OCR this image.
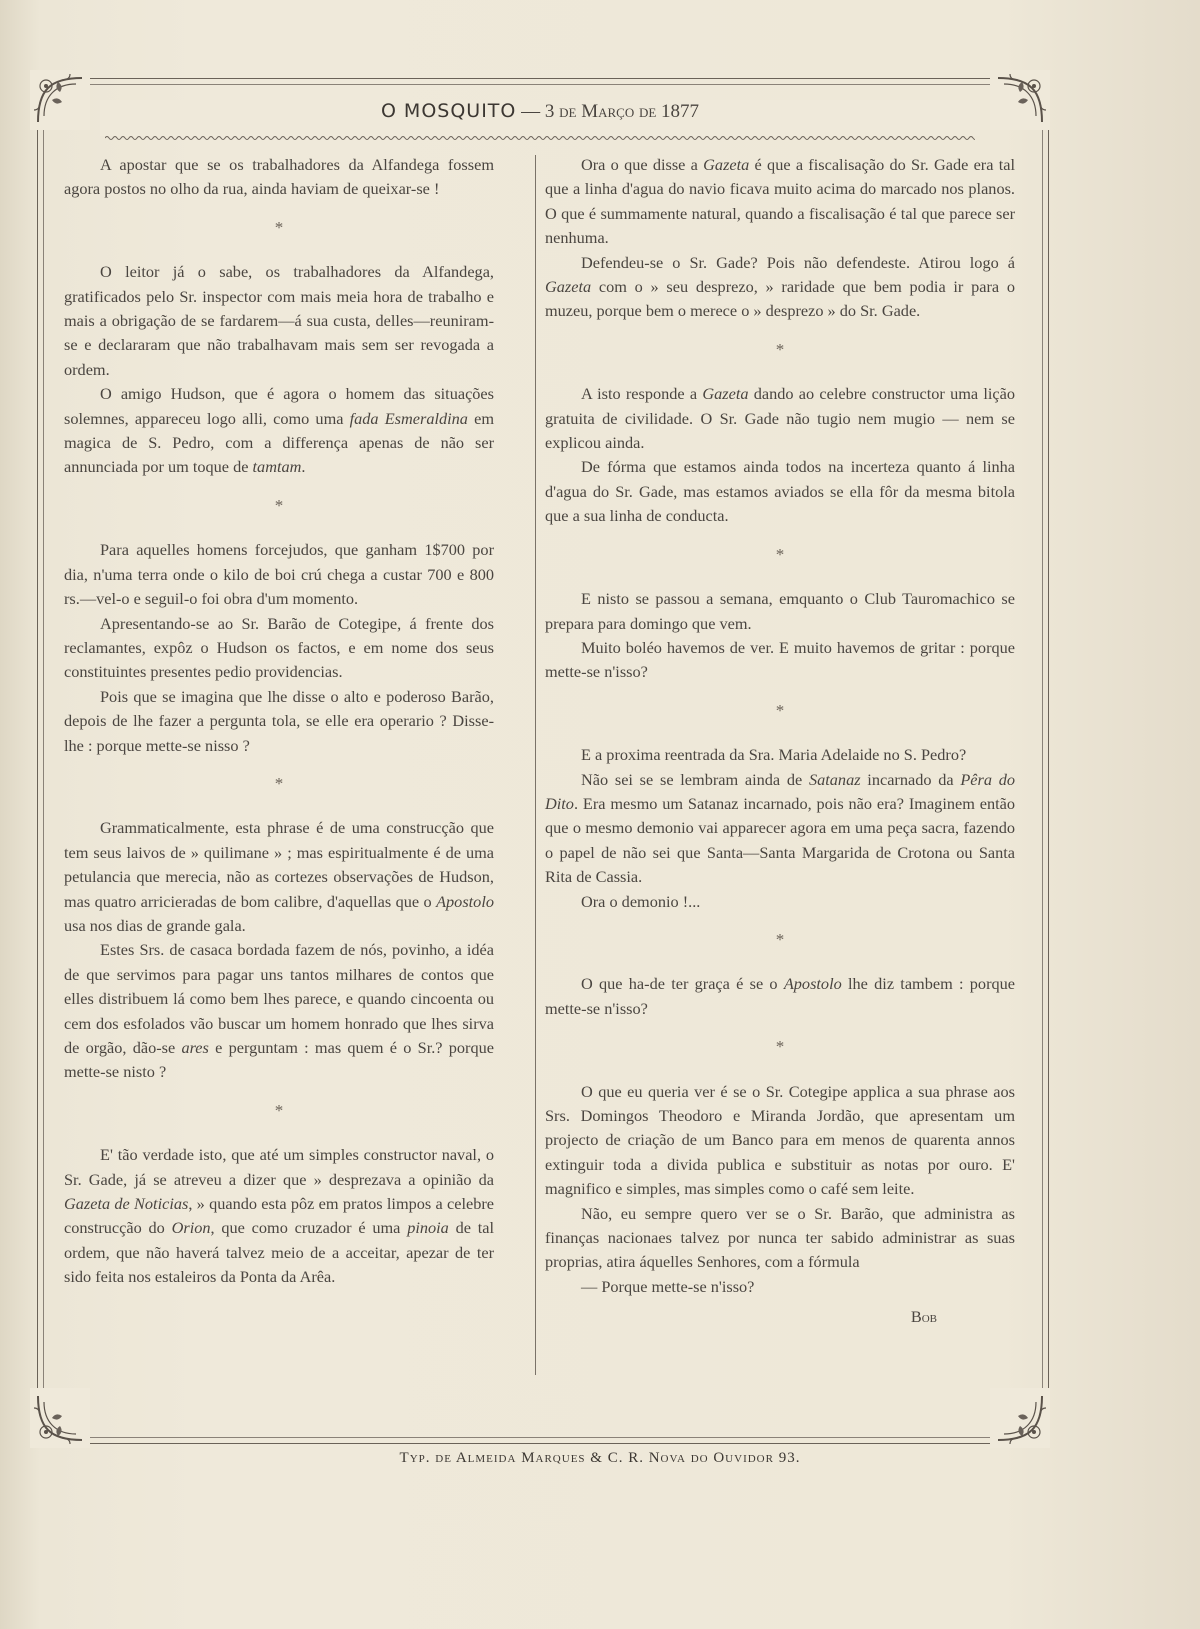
O MOSQUITO — 3 de Março de 1877

A apostar que se os trabalhadores da Alfandega fossem agora postos no olho da rua, ainda haviam de queixar-se !

*

O leitor já o sabe, os trabalhadores da Alfandega, gratificados pelo Sr. inspector com mais meia hora de trabalho e mais a obrigação de se fardarem—á sua custa, delles—reuniram-se e declararam que não trabalhavam mais sem ser revogada a ordem.

O amigo Hudson, que é agora o homem das situações solemnes, appareceu logo alli, como uma fada Esmeraldina em magica de S. Pedro, com a differença apenas de não ser annunciada por um toque de tamtam.

*

Para aquelles homens forcejudos, que ganham 1$700 por dia, n'uma terra onde o kilo de boi crú chega a custar 700 e 800 rs.—vel-o e seguil-o foi obra d'um momento.

Apresentando-se ao Sr. Barão de Cotegipe, á frente dos reclamantes, expôz o Hudson os factos, e em nome dos seus constituintes presentes pedio providencias.

Pois que se imagina que lhe disse o alto e poderoso Barão, depois de lhe fazer a pergunta tola, se elle era operario ? Disse-lhe : porque mette-se nisso ?

*

Grammaticalmente, esta phrase é de uma construcção que tem seus laivos de » quilimane » ; mas espiritualmente é de uma petulancia que merecia, não as cortezes observações de Hudson, mas quatro arricieradas de bom calibre, d'aquellas que o Apostolo usa nos dias de grande gala.

Estes Srs. de casaca bordada fazem de nós, povinho, a idéa de que servimos para pagar uns tantos milhares de contos que elles distribuem lá como bem lhes parece, e quando cincoenta ou cem dos esfolados vão buscar um homem honrado que lhes sirva de orgão, dão-se ares e perguntam : mas quem é o Sr.? porque mette-se nisto ?

*

E' tão verdade isto, que até um simples constructor naval, o Sr. Gade, já se atreveu a dizer que » desprezava a opinião da Gazeta de Noticias, » quando esta pôz em pratos limpos a celebre construcção do Orion, que como cruzador é uma pinoia de tal ordem, que não haverá talvez meio de a acceitar, apezar de ter sido feita nos estaleiros da Ponta da Arêa.

Ora o que disse a Gazeta é que a fiscalisação do Sr. Gade era tal que a linha d'agua do navio ficava muito acima do marcado nos planos. O que é summamente natural, quando a fiscalisação é tal que parece ser nenhuma.

Defendeu-se o Sr. Gade? Pois não defendeste. Atirou logo á Gazeta com o » seu desprezo, » raridade que bem podia ir para o muzeu, porque bem o merece o » desprezo » do Sr. Gade.

*

A isto responde a Gazeta dando ao celebre constructor uma lição gratuita de civilidade. O Sr. Gade não tugio nem mugio — nem se explicou ainda.

De fórma que estamos ainda todos na incerteza quanto á linha d'agua do Sr. Gade, mas estamos aviados se ella fôr da mesma bitola que a sua linha de conducta.

*

E nisto se passou a semana, emquanto o Club Tauromachico se prepara para domingo que vem.

Muito boléo havemos de ver. E muito havemos de gritar : porque mette-se n'isso?

*

E a proxima reentrada da Sra. Maria Adelaide no S. Pedro?

Não sei se se lembram ainda de Satanaz incarnado da Pêra do Dito. Era mesmo um Satanaz incarnado, pois não era? Imaginem então que o mesmo demonio vai apparecer agora em uma peça sacra, fazendo o papel de não sei que Santa—Santa Margarida de Crotona ou Santa Rita de Cassia.

Ora o demonio !...

*

O que ha-de ter graça é se o Apostolo lhe diz tambem : porque mette-se n'isso?

*

O que eu queria ver é se o Sr. Cotegipe applica a sua phrase aos Srs. Domingos Theodoro e Miranda Jordão, que apresentam um projecto de criação de um Banco para em menos de quarenta annos extinguir toda a divida publica e substituir as notas por ouro. E' magnifico e simples, mas simples como o café sem leite.

Não, eu sempre quero ver se o Sr. Barão, que administra as finanças nacionaes talvez por nunca ter sabido administrar as suas proprias, atira áquelles Senhores, com a fórmula

— Porque mette-se n'isso?

Bob
Typ. de Almeida Marques & C. R. Nova do Ouvidor 93.
